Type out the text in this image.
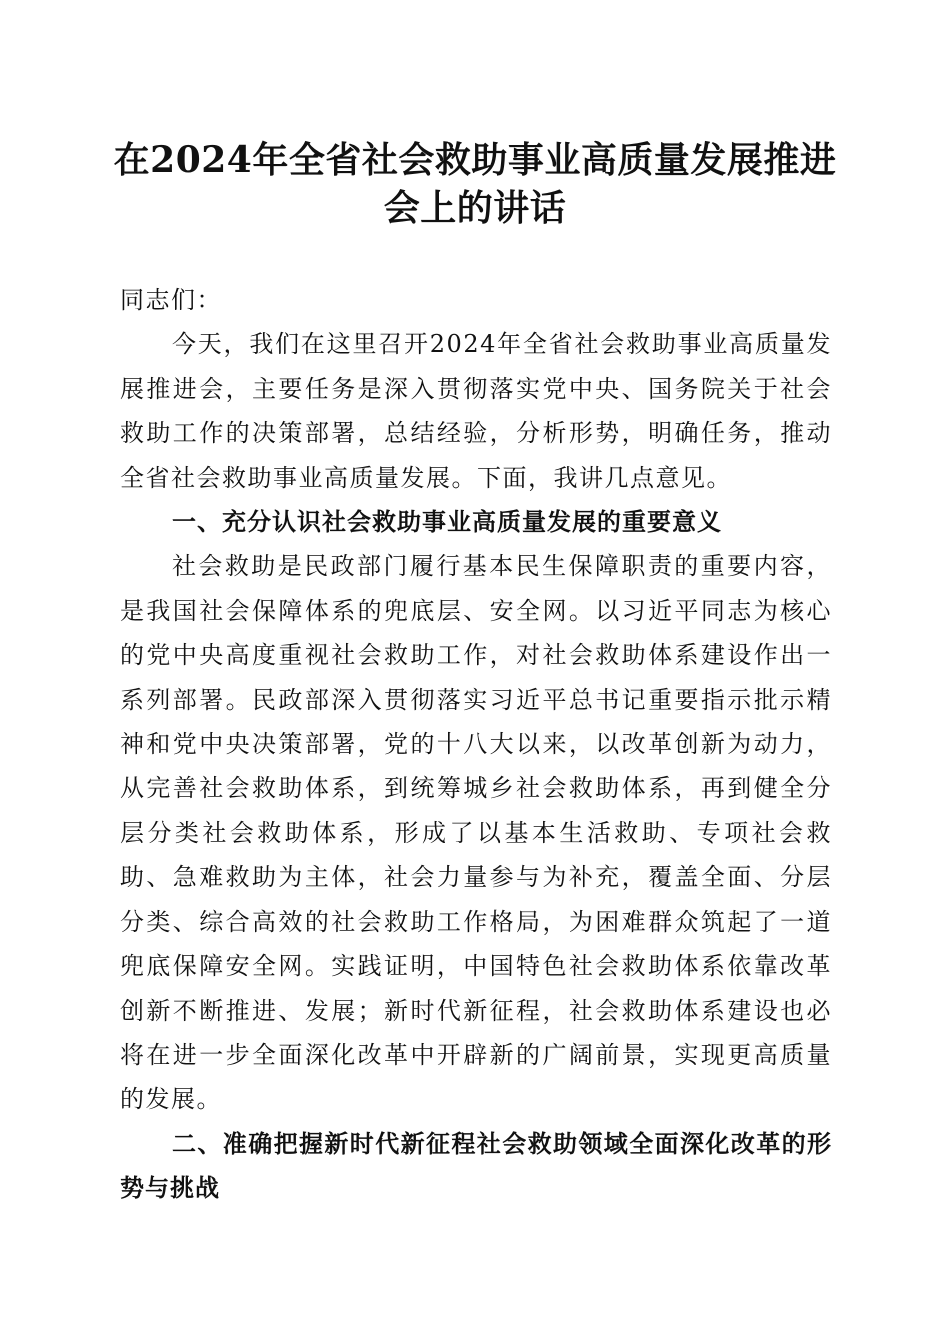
在2024年全省社会救助事业高质量发展推进
会上的讲话

同志们：

今天，我们在这里召开2024年全省社会救助事业高质量发展推进会，主要任务是深入贯彻落实党中央、国务院关于社会救助工作的决策部署，总结经验，分析形势，明确任务，推动全省社会救助事业高质量发展。下面，我讲几点意见。

一、充分认识社会救助事业高质量发展的重要意义

社会救助是民政部门履行基本民生保障职责的重要内容，是我国社会保障体系的兜底层、安全网。以习近平同志为核心的党中央高度重视社会救助工作，对社会救助体系建设作出一系列部署。民政部深入贯彻落实习近平总书记重要指示批示精神和党中央决策部署，党的十八大以来，以改革创新为动力，从完善社会救助体系，到统筹城乡社会救助体系，再到健全分层分类社会救助体系，形成了以基本生活救助、专项社会救助、急难救助为主体，社会力量参与为补充，覆盖全面、分层分类、综合高效的社会救助工作格局，为困难群众筑起了一道兜底保障安全网。实践证明，中国特色社会救助体系依靠改革创新不断推进、发展；新时代新征程，社会救助体系建设也必将在进一步全面深化改革中开辟新的广阔前景，实现更高质量的发展。

二、准确把握新时代新征程社会救助领域全面深化改革的形势与挑战
